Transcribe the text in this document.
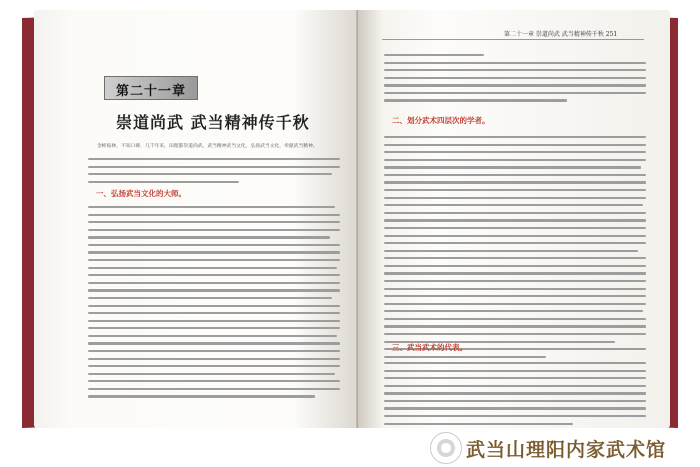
第二十一章
崇道尚武 武当精神传千秋

金彬振林，不知口碑，几千年来，田理都崇道尚武，武当精神武当文化，弘扬武当文化，奉献武当精神。

一、弘扬武当文化的大师。
第二十一章 崇道尚武 武当精神传千秋 251
二、划分武术四层次的学者。
三、武当武术的代表。
武当山理阳内家武术馆
